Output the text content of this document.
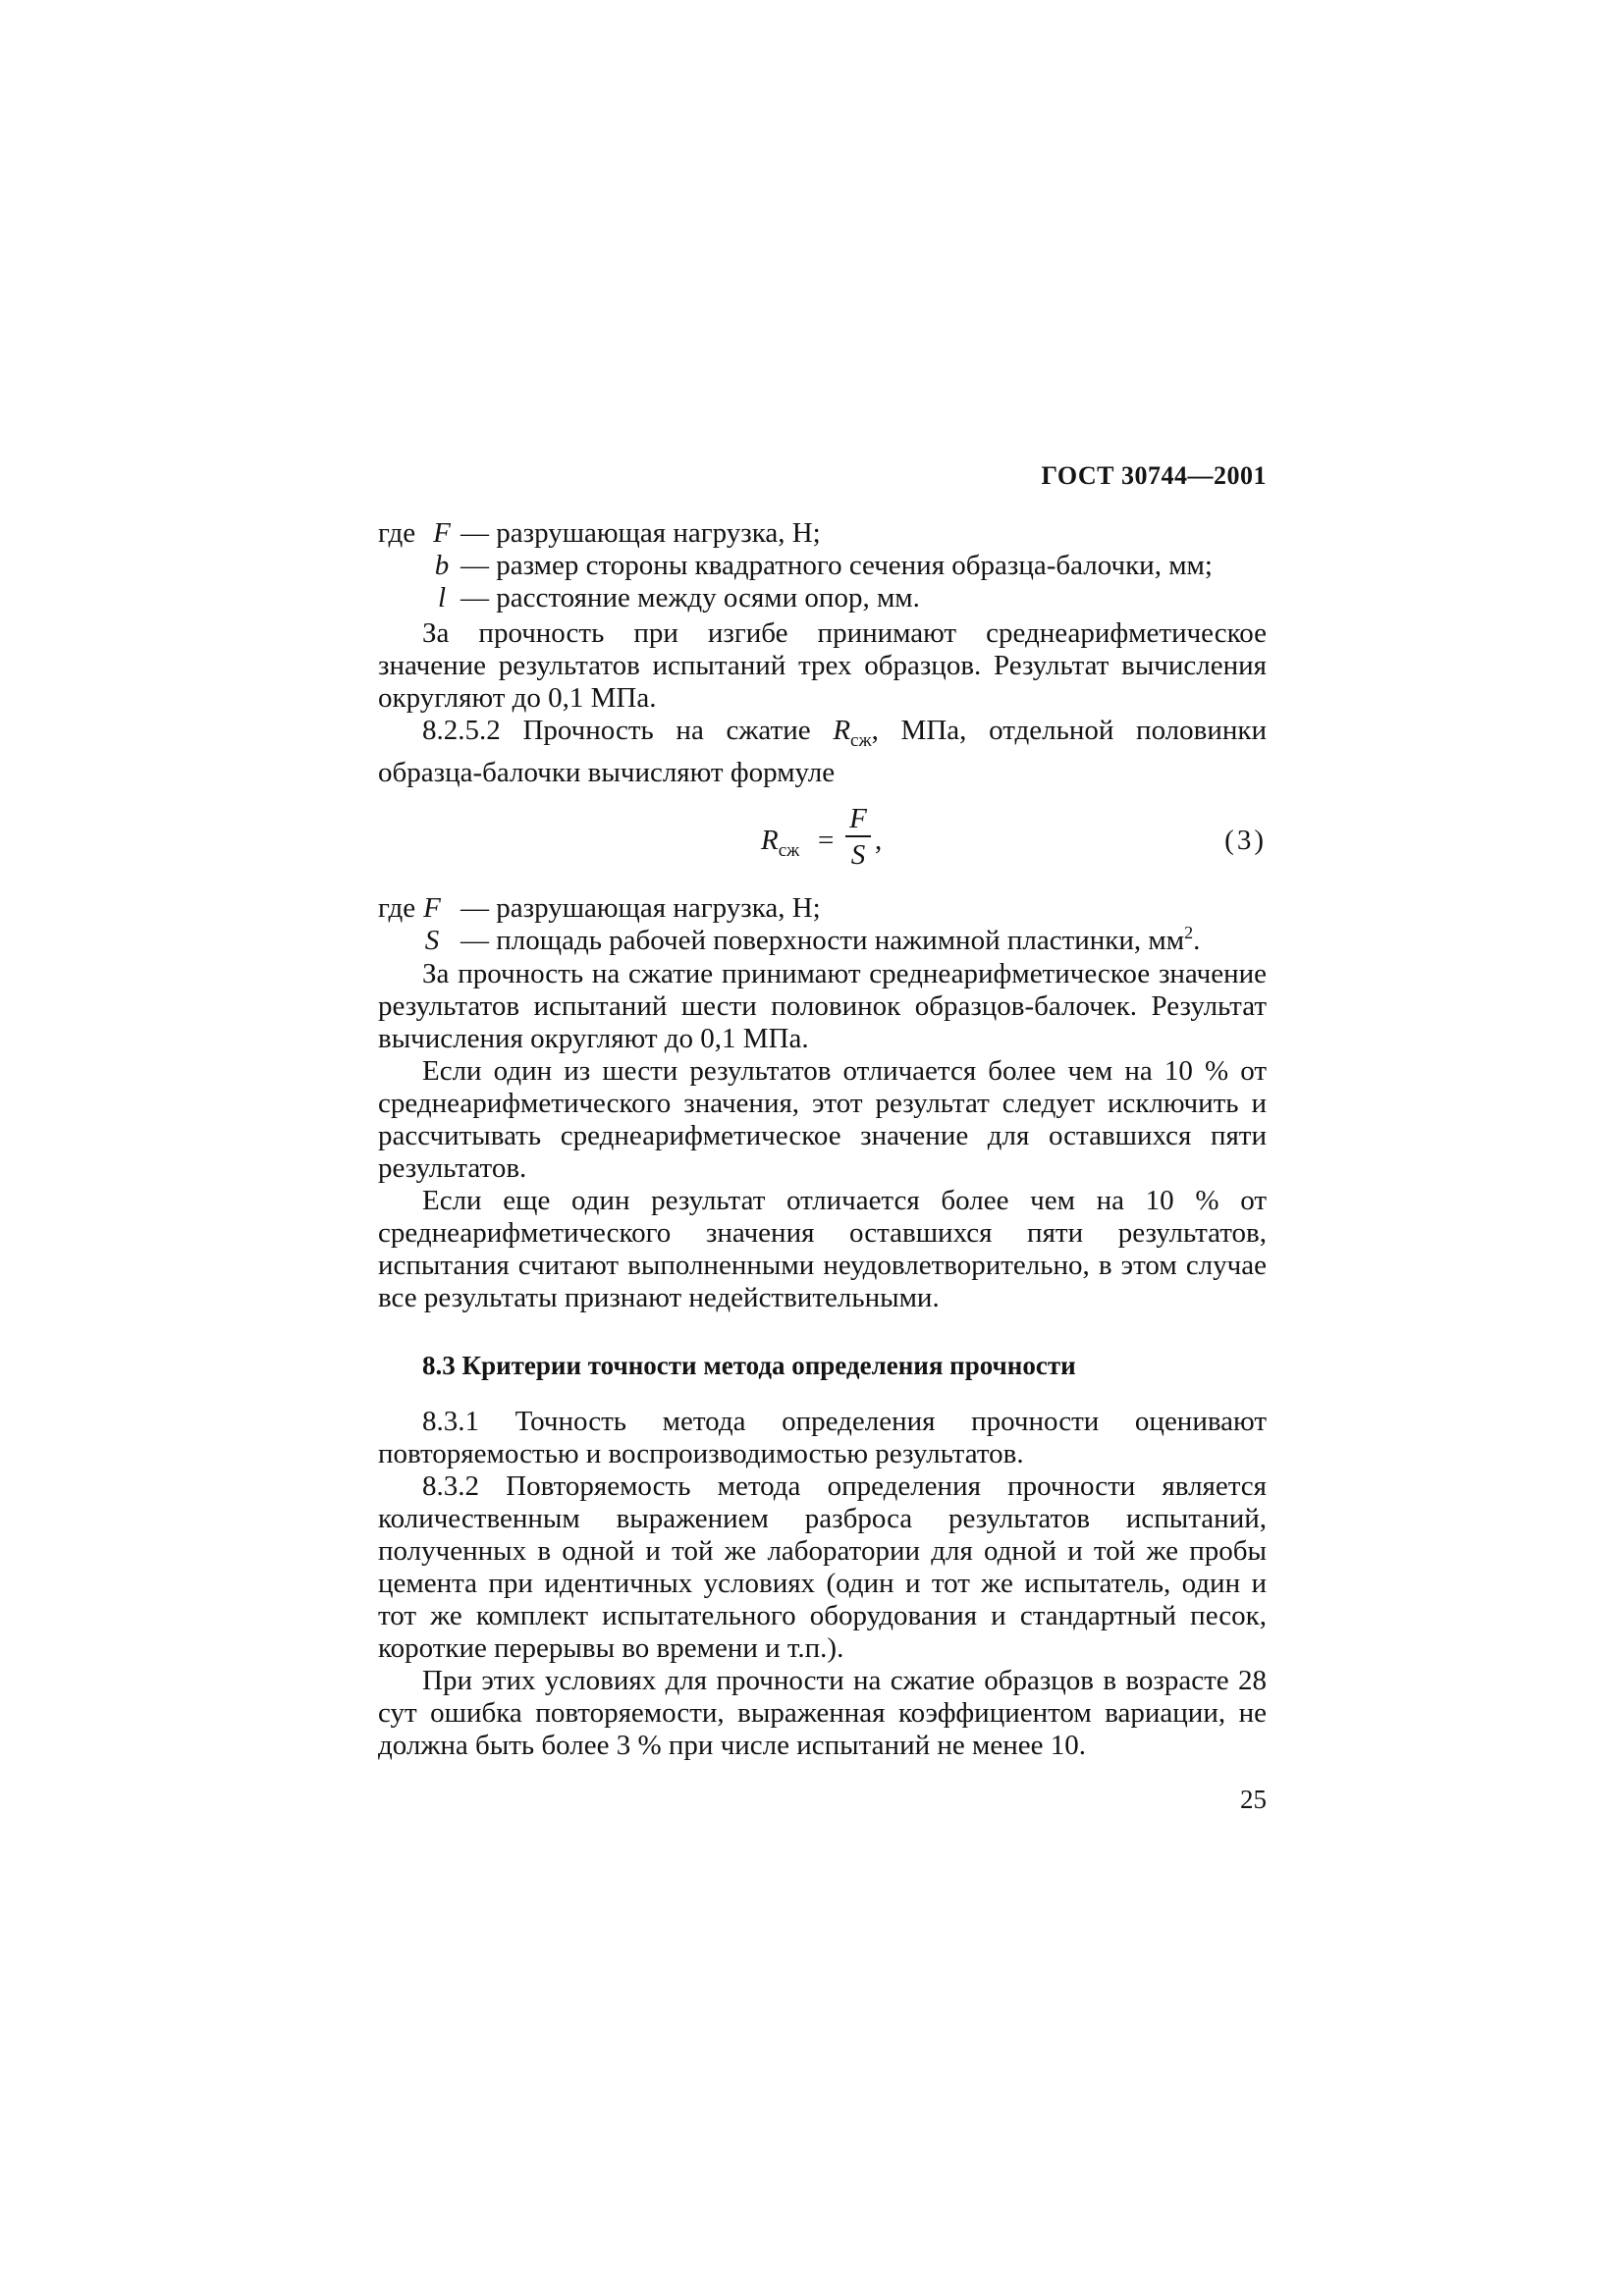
ГОСТ 30744—2001
где F — разрушающая нагрузка, Н;
b — размер стороны квадратного сечения образца-балочки, мм;
l — расстояние между осями опор, мм.

За прочность при изгибе принимают среднеарифметическое значение результатов испытаний трех образцов. Результат вычисления округляют до 0,1 МПа.

8.2.5.2 Прочность на сжатие $R_{сж}$, МПа, отдельной половинки образца-балочки вычисляют формуле

$R_{сж}$ =
F
S ,	(3)
где F — разрушающая нагрузка, Н;
S — площадь рабочей поверхности нажимной пластинки, $мм^2$.

За прочность на сжатие принимают среднеарифметическое значение результатов испытаний шести половинок образцов-балочек. Результат вычисления округляют до 0,1 МПа.

Если один из шести результатов отличается более чем на 10 % от среднеарифметического значения, этот результат следует исключить и рассчитывать среднеарифметическое значение для оставшихся пяти результатов.

Если еще один результат отличается более чем на 10 % от среднеарифметического значения оставшихся пяти результатов, испытания считают выполненными неудовлетворительно, в этом случае все результаты признают недействительными.

8.3 Критерии точности метода определения прочности

8.3.1 Точность метода определения прочности оценивают повторяемостью и воспроизводимостью результатов.

8.3.2 Повторяемость метода определения прочности является количественным выражением разброса результатов испытаний, полученных в одной и той же лаборатории для одной и той же пробы цемента при идентичных условиях (один и тот же испытатель, один и тот же комплект испытательного оборудования и стандартный песок, короткие перерывы во времени и т.п.).

При этих условиях для прочности на сжатие образцов в возрасте 28 сут ошибка повторяемости, выраженная коэффициентом вариации, не должна быть более 3 % при числе испытаний не менее 10.

25
